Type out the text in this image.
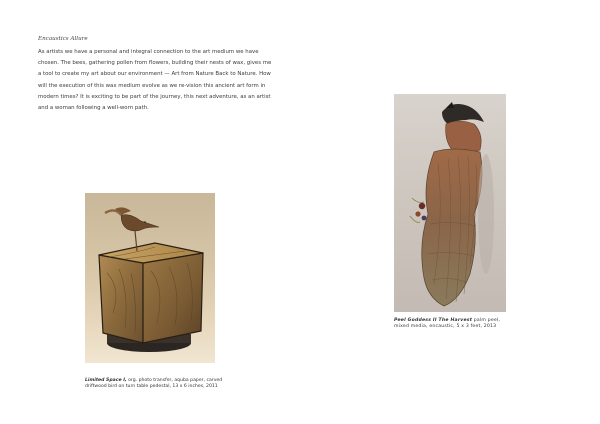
Encaustics Allure

As artists we have a personal and integral connection to the art medium we have chosen. The bees, gathering pollen from flowers, building their nests of wax, gives me a tool to create my art about our environment — Art from Nature Back to Nature. How will the execution of this wax medium evolve as we re-vision this ancient art form in modern times? It is exciting to be part of the journey, this next adventure, as an artist and a woman following a well-worn path.

Limited Space I, org. photo transfer, aquba paper, carved driftwood bird on turn table pedestal, 13 x 6 inches, 2011
Peel Goddess II The Harvest palm peel, mixed media, encaustic, 5 x 3 feet, 2013
